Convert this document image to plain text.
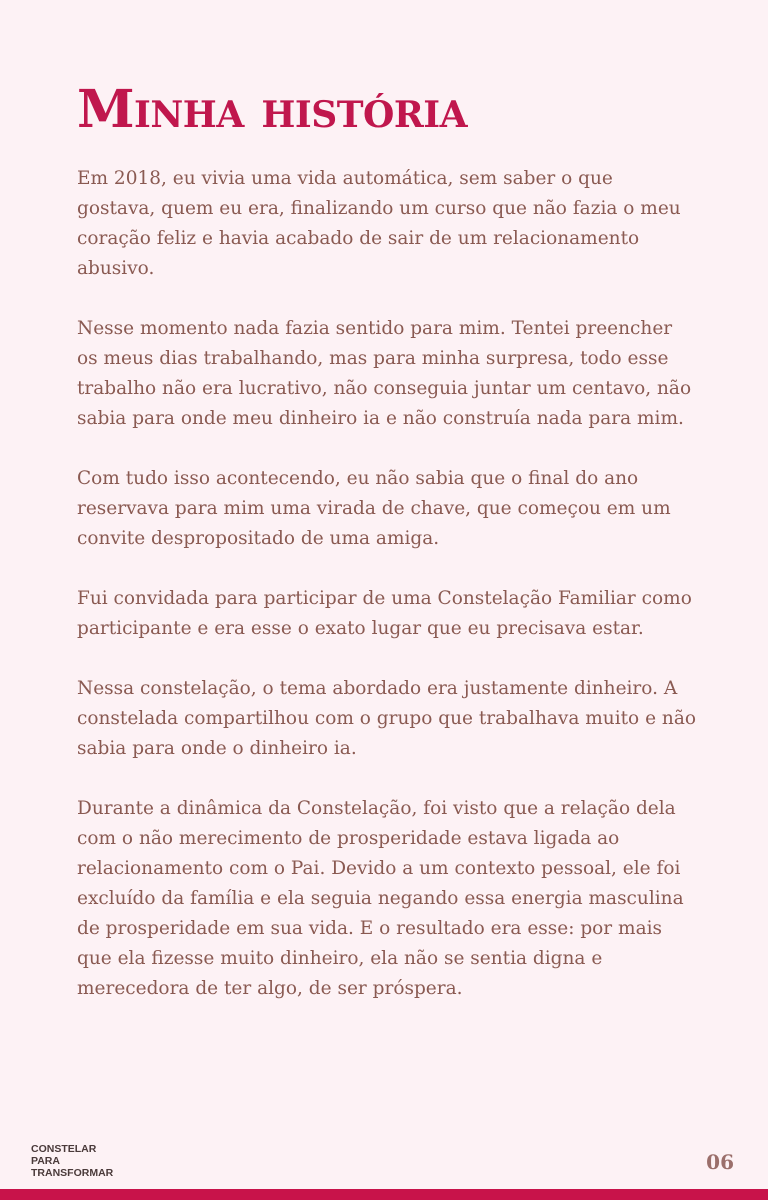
Minha história

Em 2018, eu vivia uma vida automática, sem saber o que gostava, quem eu era, finalizando um curso que não fazia o meu coração feliz e havia acabado de sair de um relacionamento abusivo.

Nesse momento nada fazia sentido para mim. Tentei preencher os meus dias trabalhando, mas para minha surpresa, todo esse trabalho não era lucrativo, não conseguia juntar um centavo, não sabia para onde meu dinheiro ia e não construía nada para mim.

Com tudo isso acontecendo, eu não sabia que o final do ano reservava para mim uma virada de chave, que começou em um convite despropositado de uma amiga.

Fui convidada para participar de uma Constelação Familiar como participante e era esse o exato lugar que eu precisava estar.

Nessa constelação, o tema abordado era justamente dinheiro. A constelada compartilhou com o grupo que trabalhava muito e não sabia para onde o dinheiro ia.

Durante a dinâmica da Constelação, foi visto que a relação dela com o não merecimento de prosperidade estava ligada ao relacionamento com o Pai. Devido a um contexto pessoal, ele foi excluído da família e ela seguia negando essa energia masculina de prosperidade em sua vida. E o resultado era esse: por mais que ela fizesse muito dinheiro, ela não se sentia digna e merecedora de ter algo, de ser próspera.

CONSTELAR
PARA
TRANSFORMAR	06
